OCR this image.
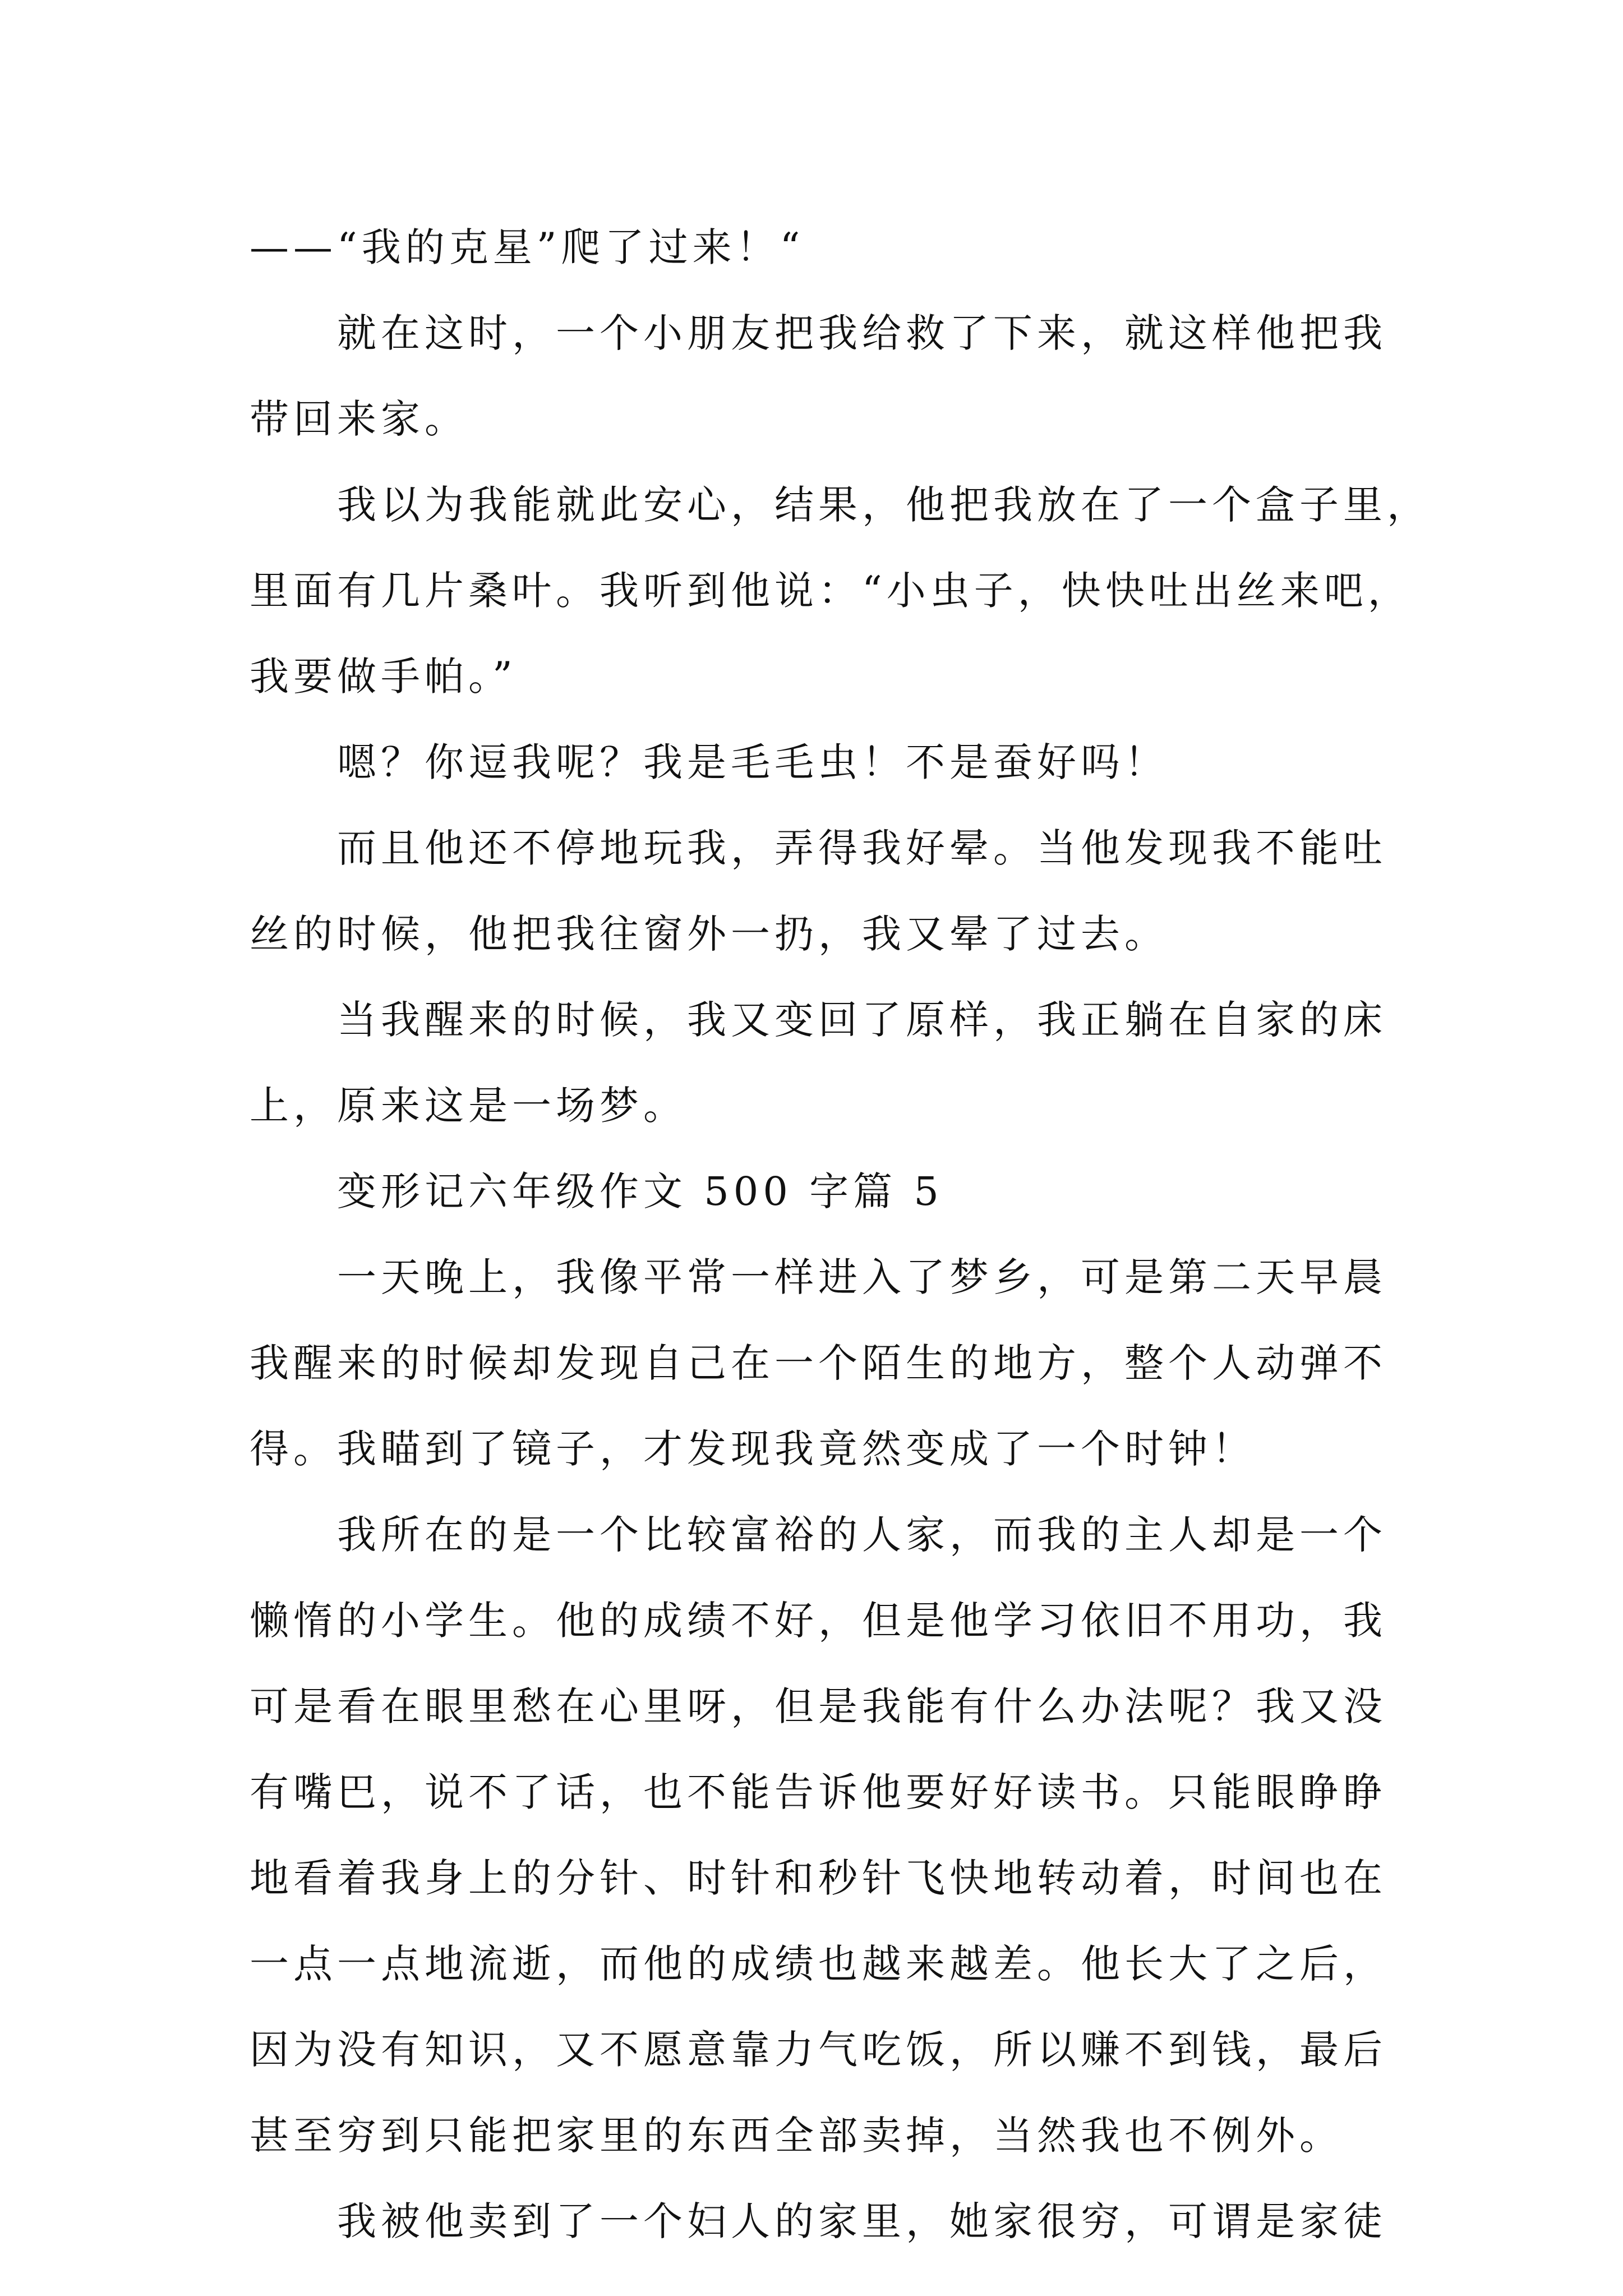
——“我的克星”爬了过来！“
就在这时，一个小朋友把我给救了下来，就这样他把我
带回来家。
我以为我能就此安心，结果，他把我放在了一个盒子里，
里面有几片桑叶。我听到他说：“小虫子，快快吐出丝来吧，
我要做手帕。”
嗯？你逗我呢？我是毛毛虫！不是蚕好吗！
而且他还不停地玩我，弄得我好晕。当他发现我不能吐
丝的时候，他把我往窗外一扔，我又晕了过去。
当我醒来的时候，我又变回了原样，我正躺在自家的床
上，原来这是一场梦。
变形记六年级作文 500 字篇 5
一天晚上，我像平常一样进入了梦乡，可是第二天早晨
我醒来的时候却发现自己在一个陌生的地方，整个人动弹不
得。我瞄到了镜子，才发现我竟然变成了一个时钟！
我所在的是一个比较富裕的人家，而我的主人却是一个
懒惰的小学生。他的成绩不好，但是他学习依旧不用功，我
可是看在眼里愁在心里呀，但是我能有什么办法呢？我又没
有嘴巴，说不了话，也不能告诉他要好好读书。只能眼睁睁
地看着我身上的分针、时针和秒针飞快地转动着，时间也在
一点一点地流逝，而他的成绩也越来越差。他长大了之后，
因为没有知识，又不愿意靠力气吃饭，所以赚不到钱，最后
甚至穷到只能把家里的东西全部卖掉，当然我也不例外。
我被他卖到了一个妇人的家里，她家很穷，可谓是家徒
